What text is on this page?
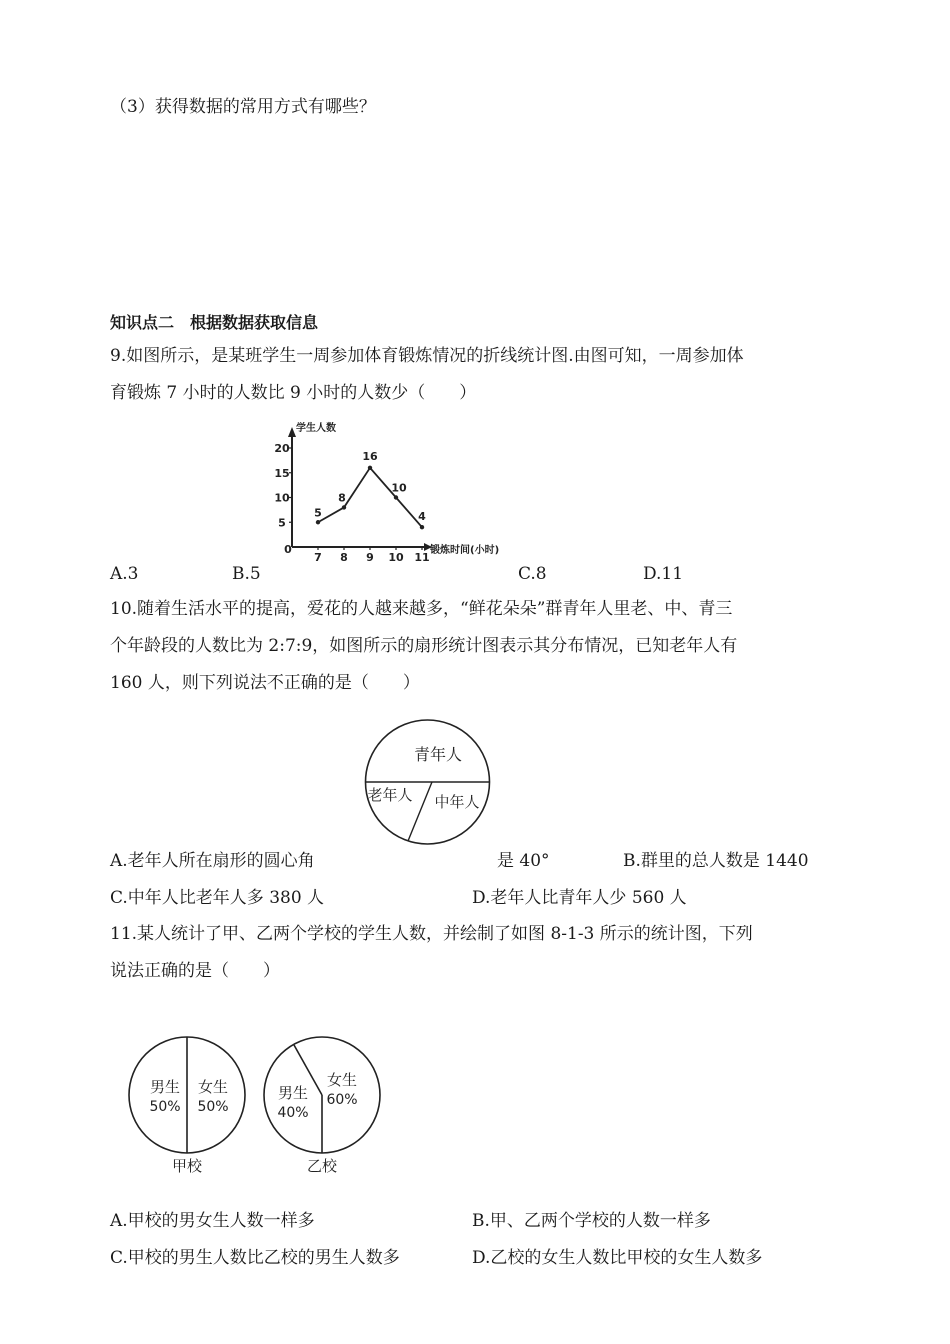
（3）获得数据的常用方式有哪些？
知识点二　根据数据获取信息
9.如图所示，是某班学生一周参加体育锻炼情况的折线统计图.由图可知，一周参加体
育锻炼 7 小时的人数比 9 小时的人数少（　　）
学生人数
锻炼时间(小时)
0
5
10
15
20
7 8 9 10 11
5
8
16
10
4
A.3	B.5	C.8	D.11
10.随着生活水平的提高，爱花的人越来越多，“鲜花朵朵”群青年人里老、中、青三
个年龄段的人数比为 2:7:9，如图所示的扇形统计图表示其分布情况，已知老年人有
160 人，则下列说法不正确的是（　　）
青年人
老年人 中年人
A.老年人所在扇形的圆心角	是 40°	B.群里的总人数是 1440
C.中年人比老年人多 380 人	D.老年人比青年人少 560 人
11.某人统计了甲、乙两个学校的学生人数，并绘制了如图 8-1-3 所示的统计图，下列
说法正确的是（　　）
男生
50%
女生
50%
甲校
男生
40%
女生
60%
乙校
A.甲校的男女生人数一样多	B.甲、乙两个学校的人数一样多
C.甲校的男生人数比乙校的男生人数多	D.乙校的女生人数比甲校的女生人数多
